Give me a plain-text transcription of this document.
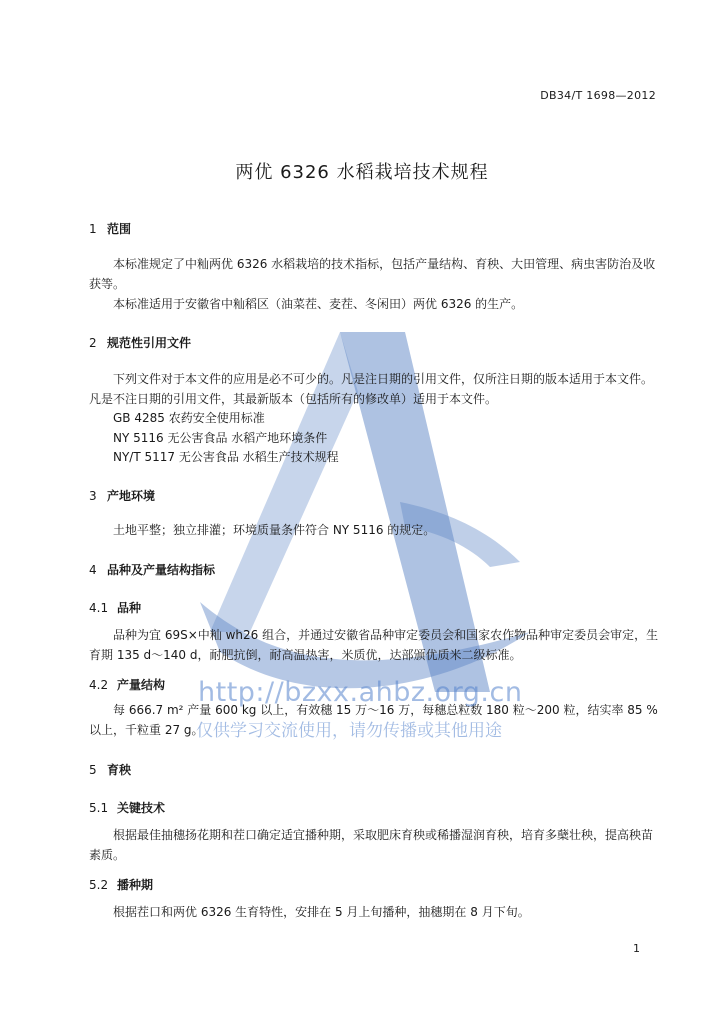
DB34/T 1698—2012
两优 6326 水稻栽培技术规程
1 范围
本标准规定了中籼两优 6326 水稻栽培的技术指标，包括产量结构、育秧、大田管理、病虫害防治及收获等。
本标准适用于安徽省中籼稻区（油菜茬、麦茬、冬闲田）两优 6326 的生产。
2 规范性引用文件
下列文件对于本文件的应用是必不可少的。凡是注日期的引用文件，仅所注日期的版本适用于本文件。凡是不注日期的引用文件，其最新版本（包括所有的修改单）适用于本文件。
GB 4285 农药安全使用标准
NY 5116 无公害食品 水稻产地环境条件
NY/T 5117 无公害食品 水稻生产技术规程
3 产地环境
土地平整；独立排灌；环境质量条件符合 NY 5116 的规定。
4 品种及产量结构指标
4.1 品种
品种为宜 69S×中籼 wh26 组合，并通过安徽省品种审定委员会和国家农作物品种审定委员会审定，生育期 135 d～140 d，耐肥抗倒，耐高温热害，米质优，达部颁优质米二级标准。
4.2 产量结构
每 666.7 m² 产量 600 kg 以上，有效穗 15 万～16 万，每穗总粒数 180 粒～200 粒，结实率 85 %以上，千粒重 27 g。
5 育秧
5.1 关键技术
根据最佳抽穗扬花期和茬口确定适宜播种期，采取肥床育秧或稀播湿润育秧，培育多蘖壮秧，提高秧苗素质。
5.2 播种期
根据茬口和两优 6326 生育特性，安排在 5 月上旬播种，抽穗期在 8 月下旬。
http://bzxx.ahbz.org.cn
仅供学习交流使用，请勿传播或其他用途
1
